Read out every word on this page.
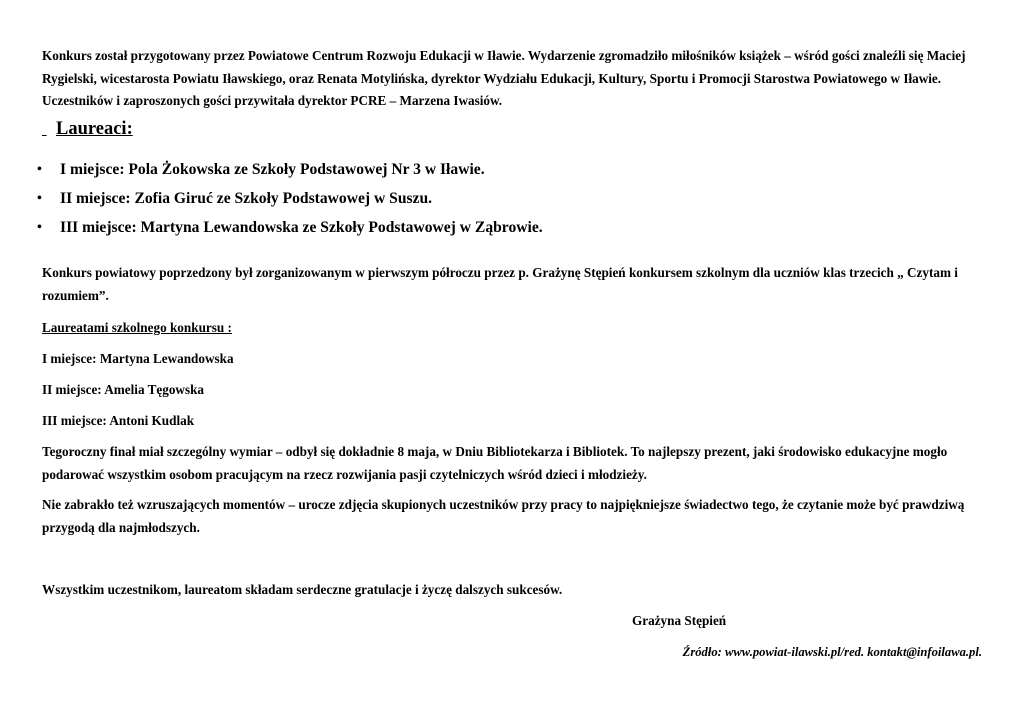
Konkurs został przygotowany przez Powiatowe Centrum Rozwoju Edukacji w Iławie. Wydarzenie zgromadziło miłośników książek – wśród gości znaleźli się Maciej Rygielski, wicestarosta Powiatu Iławskiego, oraz Renata Motylińska, dyrektor Wydziału Edukacji, Kultury, Sportu i Promocji Starostwa Powiatowego w Iławie. Uczestników i zaproszonych gości przywitała dyrektor PCRE – Marzena Iwasiów.

Laureaci:
• I miejsce: Pola Żokowska ze Szkoły Podstawowej Nr 3 w Iławie.
• II miejsce: Zofia Giruć ze Szkoły Podstawowej w Suszu.
• III miejsce: Martyna Lewandowska ze Szkoły Podstawowej w Ząbrowie.

Konkurs powiatowy poprzedzony był zorganizowanym w pierwszym półroczu przez p. Grażynę Stępień konkursem szkolnym dla uczniów klas trzecich „ Czytam i rozumiem”.

Laureatami szkolnego konkursu :
I miejsce: Martyna Lewandowska
II miejsce: Amelia Tęgowska
III miejsce: Antoni Kudlak

Tegoroczny finał miał szczególny wymiar – odbył się dokładnie 8 maja, w Dniu Bibliotekarza i Bibliotek. To najlepszy prezent, jaki środowisko edukacyjne mogło podarować wszystkim osobom pracującym na rzecz rozwijania pasji czytelniczych wśród dzieci i młodzieży.

Nie zabrakło też wzruszających momentów – urocze zdjęcia skupionych uczestników przy pracy to najpiękniejsze świadectwo tego, że czytanie może być prawdziwą przygodą dla najmłodszych.

Wszystkim uczestnikom, laureatom składam serdeczne gratulacje i życzę dalszych sukcesów.

Grażyna Stępień
Źródło: www.powiat-ilawski.pl/red. kontakt@infoilawa.pl.
